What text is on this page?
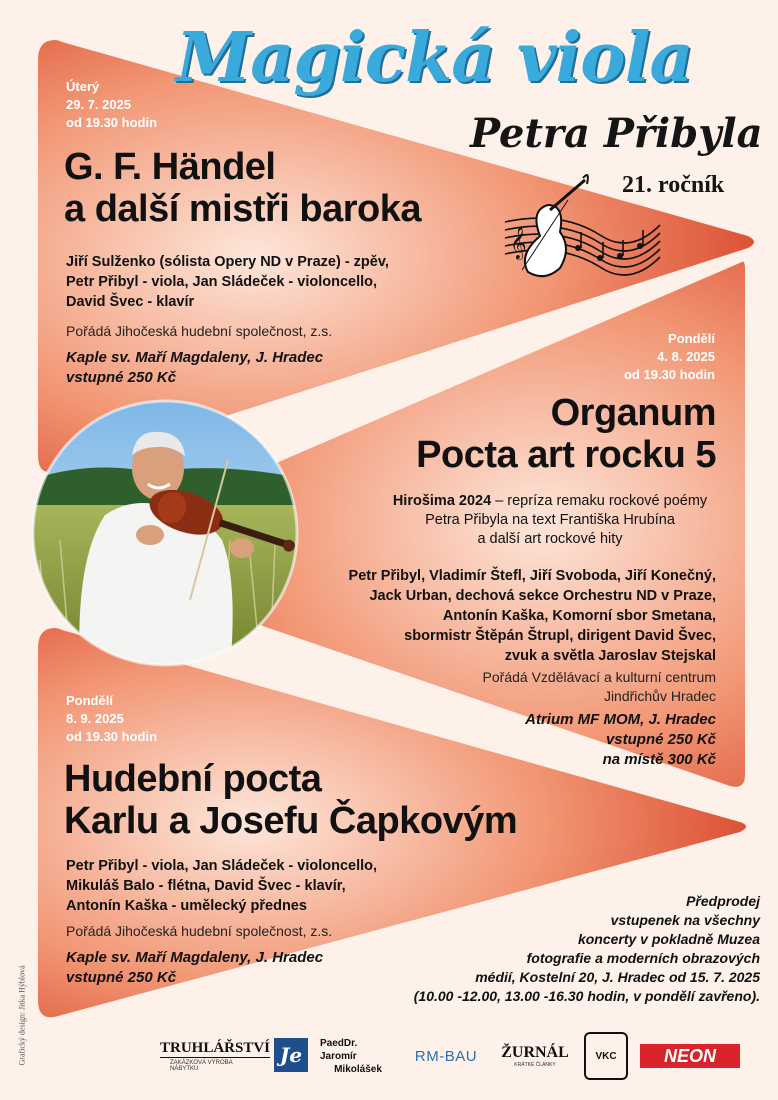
𝄞
Magická viola
Petra Přibyla
21. ročník
Úterý
29. 7. 2025
od 19.30 hodin
G. F. Händel
a další mistři baroka
Jiří Sulženko (sólista Opery ND v Praze) - zpěv,
Petr Přibyl - viola, Jan Sládeček - violoncello,
David Švec - klavír
Pořádá Jihočeská hudební společnost, z.s.
Kaple sv. Maří Magdaleny, J. Hradec
vstupné 250 Kč
Pondělí
4. 8. 2025
od 19.30 hodin
Organum
Pocta art rocku 5
Hirošima 2024 – repríza remaku rockové poémy
Petra Přibyla na text Františka Hrubína
a další art rockové hity
Petr Přibyl, Vladimír Štefl, Jiří Svoboda, Jiří Konečný,
Jack Urban, dechová sekce Orchestru ND v Praze,
Antonín Kaška, Komorní sbor Smetana,
sbormistr Štěpán Štrupl, dirigent David Švec,
zvuk a světla Jaroslav Stejskal
Pořádá Vzdělávací a kulturní centrum
Jindřichův Hradec
Atrium MF MOM, J. Hradec
vstupné 250 Kč
na místě 300 Kč
Pondělí
8. 9. 2025
od 19.30 hodin
Hudební pocta
Karlu a Josefu Čapkovým
Petr Přibyl - viola, Jan Sládeček - violoncello,
Mikuláš Balo - flétna, David Švec - klavír,
Antonín Kaška - umělecký přednes
Pořádá Jihočeská hudební společnost, z.s.
Kaple sv. Maří Magdaleny, J. Hradec
vstupné 250 Kč
Předprodej
vstupenek na všechny
koncerty v pokladně Muzea
fotografie a moderních obrazových
médií, Kostelní 20, J. Hradec od 15. 7. 2025
(10.00 -12.00, 13.00 -16.30 hodin, v pondělí zavřeno).
Grafický design: Jitka Hýblová	TRUHLÁŘSTVÍ
ZAKÁZKOVÁ VÝROBA NÁBYTKU
Je	PaedDr. Jaromír
Mikolášek
RM-BAU	ŽURNÁL
KRÁTKÉ ČLÁNKY
VKC	NEON
